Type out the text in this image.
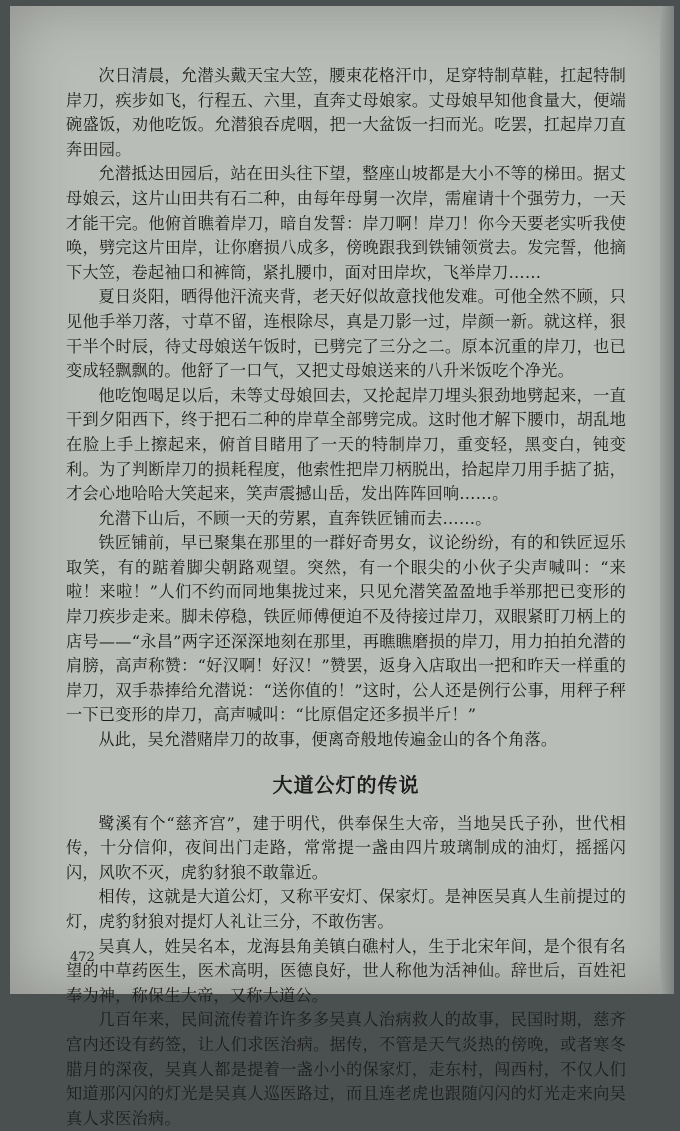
次日清晨，允潜头戴天宝大笠，腰束花格汗巾，足穿特制草鞋，扛起特制岸刀，疾步如飞，行程五、六里，直奔丈母娘家。丈母娘早知他食量大，便端碗盛饭，劝他吃饭。允潜狼吞虎咽，把一大盆饭一扫而光。吃罢，扛起岸刀直奔田园。

允潜抵达田园后，站在田头往下望，整座山坡都是大小不等的梯田。据丈母娘云，这片山田共有石二种，由每年母舅一次岸，需雇请十个强劳力，一天才能干完。他俯首瞧着岸刀，暗自发誓：岸刀啊！岸刀！你今天要老实听我使唤，劈完这片田岸，让你磨损八成多，傍晚跟我到铁铺领赏去。发完誓，他摘下大笠，卷起袖口和裤筒，紧扎腰巾，面对田岸坎，飞举岸刀……

夏日炎阳，晒得他汗流夹背，老天好似故意找他发难。可他全然不顾，只见他手举刀落，寸草不留，连根除尽，真是刀影一过，岸颜一新。就这样，狠干半个时辰，待丈母娘送午饭时，已劈完了三分之二。原本沉重的岸刀，也已变成轻飘飘的。他舒了一口气，又把丈母娘送来的八升米饭吃个净光。

他吃饱喝足以后，未等丈母娘回去，又抡起岸刀埋头狠劲地劈起来，一直干到夕阳西下，终于把石二种的岸草全部劈完成。这时他才解下腰巾，胡乱地在脸上手上擦起来，俯首目睹用了一天的特制岸刀，重变轻，黑变白，钝变利。为了判断岸刀的损耗程度，他索性把岸刀柄脱出，拾起岸刀用手掂了掂，才会心地哈哈大笑起来，笑声震撼山岳，发出阵阵回响……。

允潜下山后，不顾一天的劳累，直奔铁匠铺而去……。

铁匠铺前，早已聚集在那里的一群好奇男女，议论纷纷，有的和铁匠逗乐取笑，有的踮着脚尖朝路观望。突然，有一个眼尖的小伙子尖声喊叫：“来啦！来啦！”人们不约而同地集拢过来，只见允潜笑盈盈地手举那把已变形的岸刀疾步走来。脚未停稳，铁匠师傅便迫不及待接过岸刀，双眼紧盯刀柄上的店号——“永昌”两字还深深地刻在那里，再瞧瞧磨损的岸刀，用力拍拍允潜的肩膀，高声称赞：“好汉啊！好汉！”赞罢，返身入店取出一把和昨天一样重的岸刀，双手恭捧给允潜说：“送你值的！”这时，公人还是例行公事，用秤子秤一下已变形的岸刀，高声喊叫：“比原倡定还多损半斤！”

从此，吴允潜赌岸刀的故事，便离奇般地传遍金山的各个角落。

大道公灯的传说

鹭溪有个“慈齐宫”，建于明代，供奉保生大帝，当地吴氏子孙，世代相传，十分信仰，夜间出门走路，常常提一盏由四片玻璃制成的油灯，摇摇闪闪，风吹不灭，虎豹豺狼不敢靠近。

相传，这就是大道公灯，又称平安灯、保家灯。是神医吴真人生前提过的灯，虎豹豺狼对提灯人礼让三分，不敢伤害。

吴真人，姓吴名本，龙海县角美镇白礁村人，生于北宋年间，是个很有名望的中草药医生，医术高明，医德良好，世人称他为活神仙。辞世后，百姓祀奉为神，称保生大帝，又称大道公。

几百年来，民间流传着许许多多吴真人治病救人的故事，民国时期，慈齐宫内还设有药签，让人们求医治病。据传，不管是天气炎热的傍晚，或者寒冬腊月的深夜，吴真人都是提着一盏小小的保家灯，走东村，闯西村，不仅人们知道那闪闪的灯光是吴真人巡医路过，而且连老虎也跟随闪闪的灯光走来向吴真人求医治病。

472
